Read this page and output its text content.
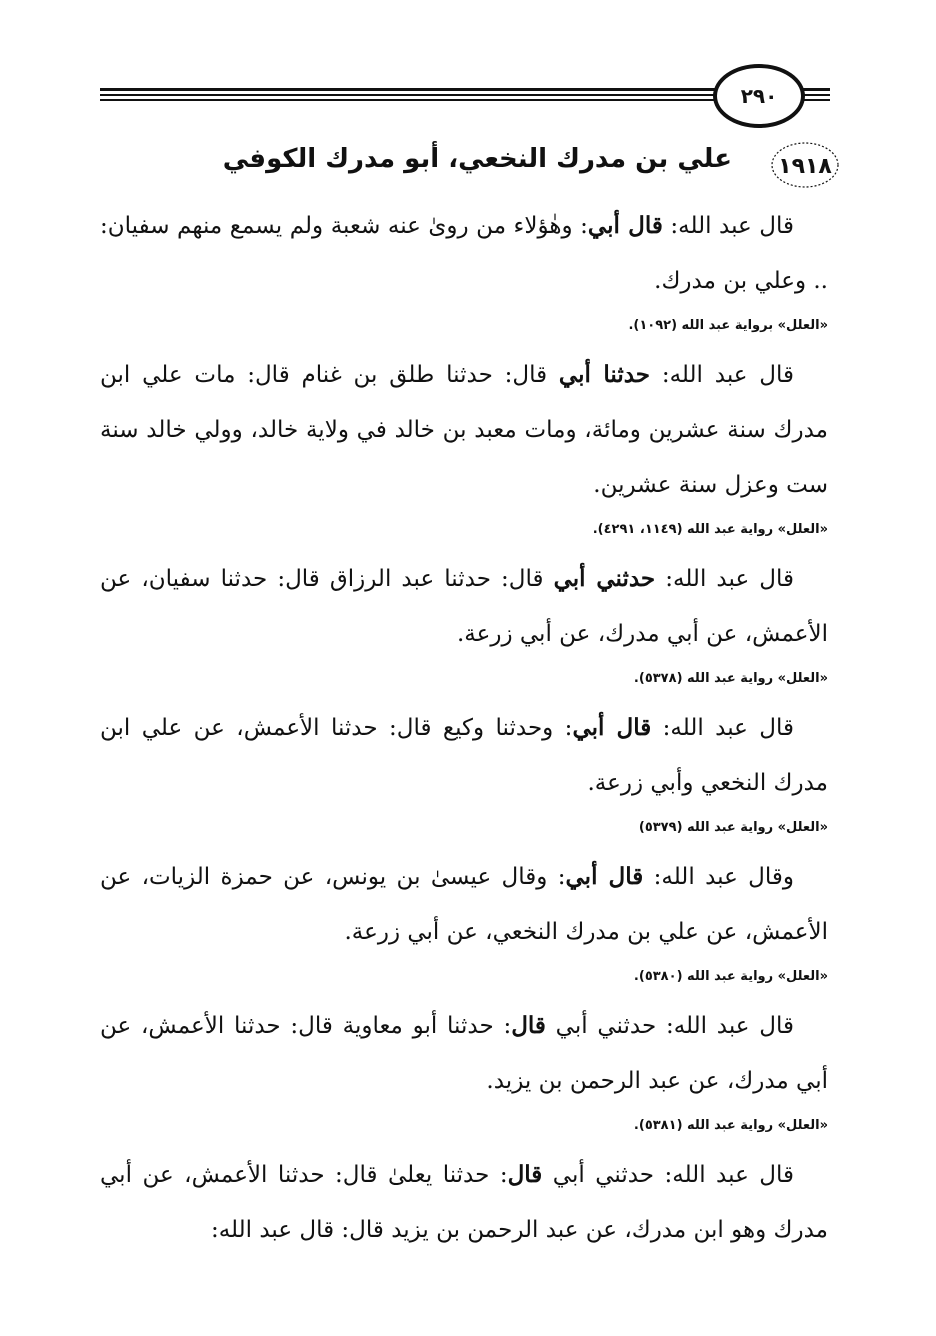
٢٩٠
١٩١٨
علي بن مدرك النخعي، أبو مدرك الكوفي

قال عبد الله: قال أبي: وهٰؤلاء من روىٰ عنه شعبة ولم يسمع منهم سفيان: .. وعلي بن مدرك.

«العلل» برواية عبد الله (١٠٩٢).

قال عبد الله: حدثنا أبي قال: حدثنا طلق بن غنام قال: مات علي ابن مدرك سنة عشرين ومائة، ومات معبد بن خالد في ولاية خالد، وولي خالد سنة ست وعزل سنة عشرين.

«العلل» رواية عبد الله (١١٤٩، ٤٢٩١).

قال عبد الله: حدثني أبي قال: حدثنا عبد الرزاق قال: حدثنا سفيان، عن الأعمش، عن أبي مدرك، عن أبي زرعة.

«العلل» رواية عبد الله (٥٣٧٨).

قال عبد الله: قال أبي: وحدثنا وكيع قال: حدثنا الأعمش، عن علي ابن مدرك النخعي وأبي زرعة.

«العلل» رواية عبد الله (٥٣٧٩)

وقال عبد الله: قال أبي: وقال عيسىٰ بن يونس، عن حمزة الزيات، عن الأعمش، عن علي بن مدرك النخعي، عن أبي زرعة.

«العلل» رواية عبد الله (٥٣٨٠).

قال عبد الله: حدثني أبي قال: حدثنا أبو معاوية قال: حدثنا الأعمش، عن أبي مدرك، عن عبد الرحمن بن يزيد.

«العلل» رواية عبد الله (٥٣٨١).

قال عبد الله: حدثني أبي قال: حدثنا يعلىٰ قال: حدثنا الأعمش، عن أبي مدرك وهو ابن مدرك، عن عبد الرحمن بن يزيد قال: قال عبد الله:
